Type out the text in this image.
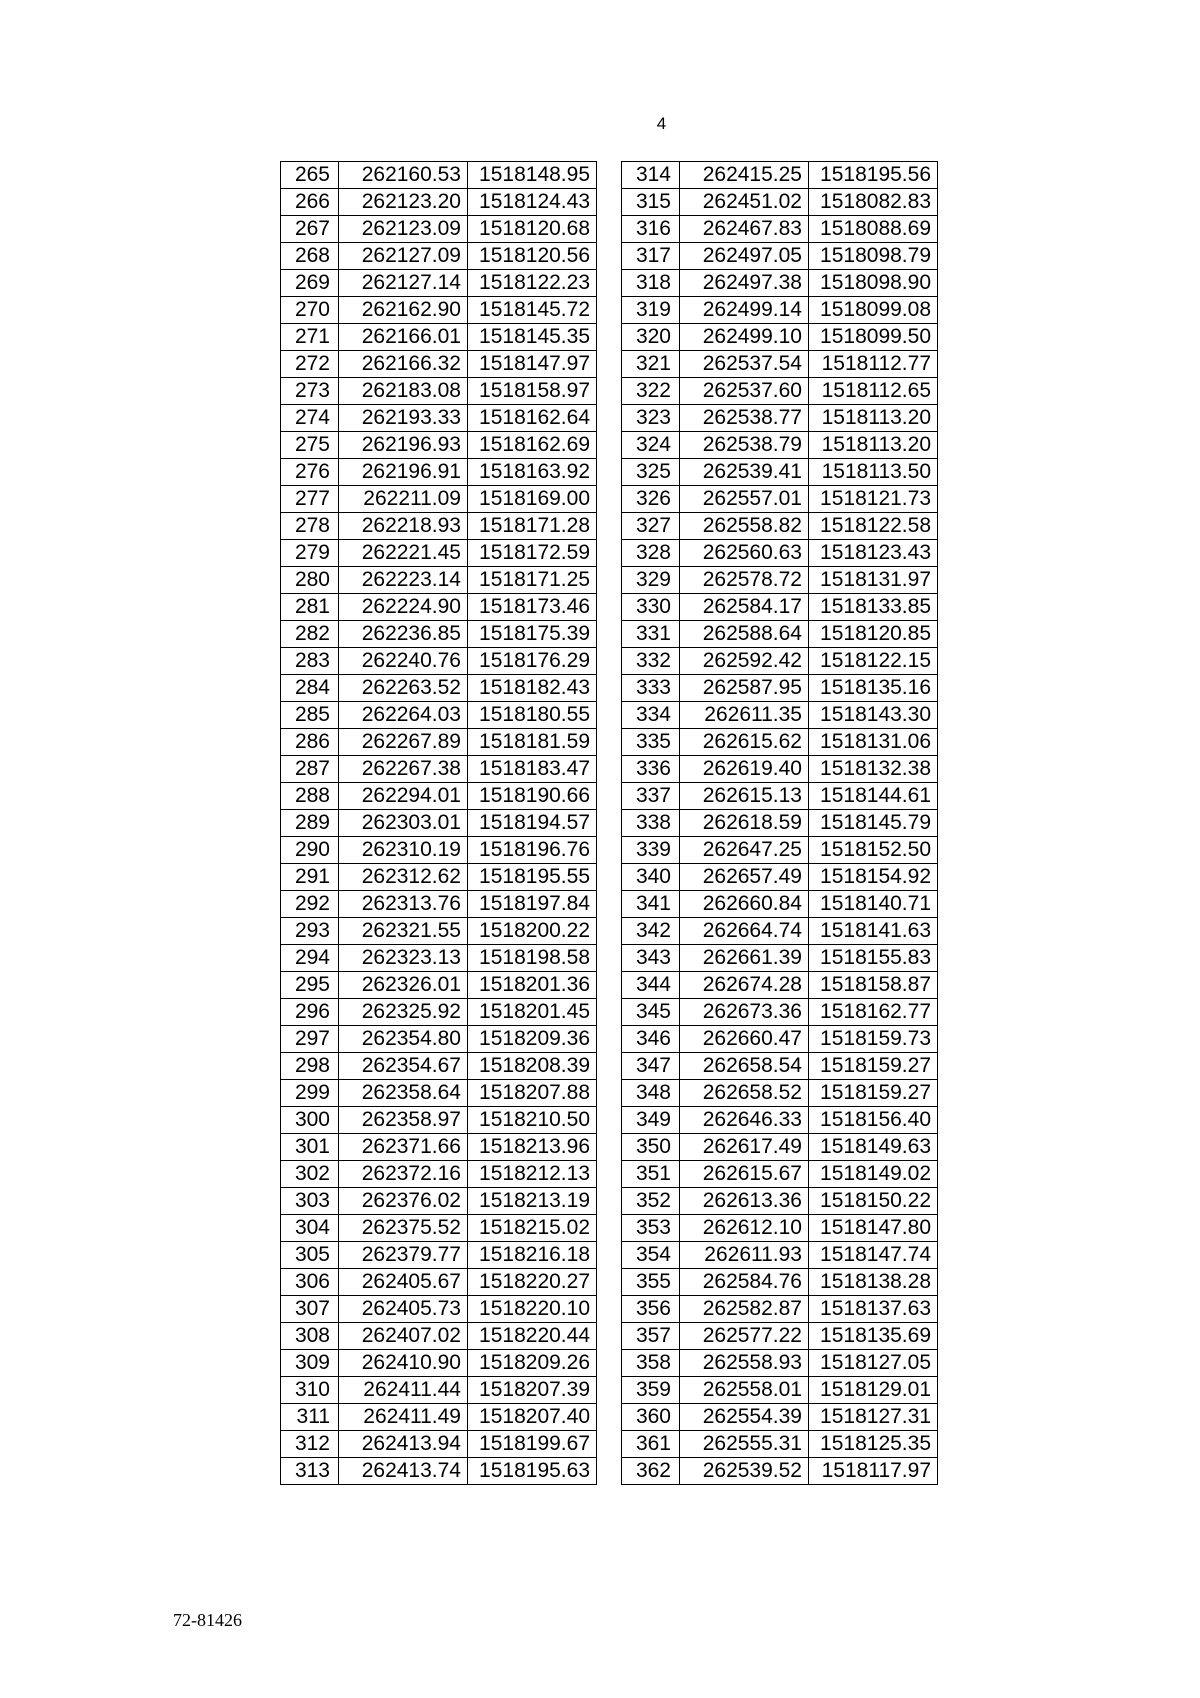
4
265	262160.53	1518148.95
266	262123.20	1518124.43
267	262123.09	1518120.68
268	262127.09	1518120.56
269	262127.14	1518122.23
270	262162.90	1518145.72
271	262166.01	1518145.35
272	262166.32	1518147.97
273	262183.08	1518158.97
274	262193.33	1518162.64
275	262196.93	1518162.69
276	262196.91	1518163.92
277	262211.09	1518169.00
278	262218.93	1518171.28
279	262221.45	1518172.59
280	262223.14	1518171.25
281	262224.90	1518173.46
282	262236.85	1518175.39
283	262240.76	1518176.29
284	262263.52	1518182.43
285	262264.03	1518180.55
286	262267.89	1518181.59
287	262267.38	1518183.47
288	262294.01	1518190.66
289	262303.01	1518194.57
290	262310.19	1518196.76
291	262312.62	1518195.55
292	262313.76	1518197.84
293	262321.55	1518200.22
294	262323.13	1518198.58
295	262326.01	1518201.36
296	262325.92	1518201.45
297	262354.80	1518209.36
298	262354.67	1518208.39
299	262358.64	1518207.88
300	262358.97	1518210.50
301	262371.66	1518213.96
302	262372.16	1518212.13
303	262376.02	1518213.19
304	262375.52	1518215.02
305	262379.77	1518216.18
306	262405.67	1518220.27
307	262405.73	1518220.10
308	262407.02	1518220.44
309	262410.90	1518209.26
310	262411.44	1518207.39
311	262411.49	1518207.40
312	262413.94	1518199.67
313	262413.74	1518195.63
314	262415.25	1518195.56
315	262451.02	1518082.83
316	262467.83	1518088.69
317	262497.05	1518098.79
318	262497.38	1518098.90
319	262499.14	1518099.08
320	262499.10	1518099.50
321	262537.54	1518112.77
322	262537.60	1518112.65
323	262538.77	1518113.20
324	262538.79	1518113.20
325	262539.41	1518113.50
326	262557.01	1518121.73
327	262558.82	1518122.58
328	262560.63	1518123.43
329	262578.72	1518131.97
330	262584.17	1518133.85
331	262588.64	1518120.85
332	262592.42	1518122.15
333	262587.95	1518135.16
334	262611.35	1518143.30
335	262615.62	1518131.06
336	262619.40	1518132.38
337	262615.13	1518144.61
338	262618.59	1518145.79
339	262647.25	1518152.50
340	262657.49	1518154.92
341	262660.84	1518140.71
342	262664.74	1518141.63
343	262661.39	1518155.83
344	262674.28	1518158.87
345	262673.36	1518162.77
346	262660.47	1518159.73
347	262658.54	1518159.27
348	262658.52	1518159.27
349	262646.33	1518156.40
350	262617.49	1518149.63
351	262615.67	1518149.02
352	262613.36	1518150.22
353	262612.10	1518147.80
354	262611.93	1518147.74
355	262584.76	1518138.28
356	262582.87	1518137.63
357	262577.22	1518135.69
358	262558.93	1518127.05
359	262558.01	1518129.01
360	262554.39	1518127.31
361	262555.31	1518125.35
362	262539.52	1518117.97
72-81426
